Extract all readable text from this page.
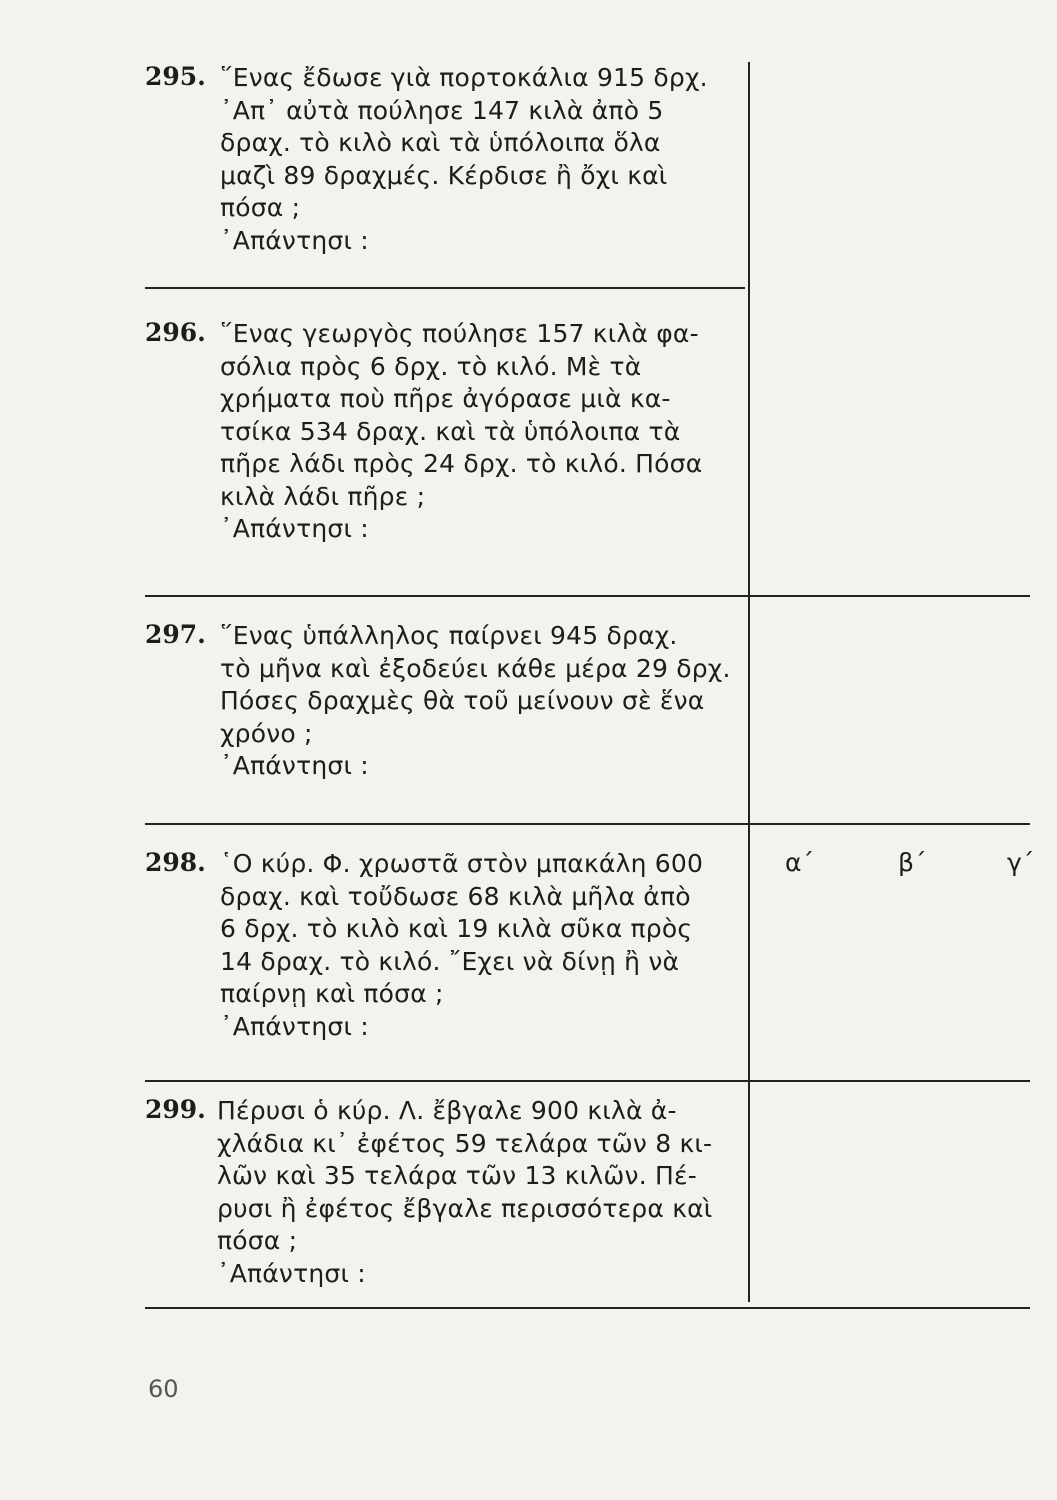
295. ῞Ενας ἔδωσε γιὰ πορτοκάλια 915 δρχ.
᾿Απ᾿ αὐτὰ πούλησε 147 κιλὰ ἀπὸ 5
δραχ. τὸ κιλὸ καὶ τὰ ὑπόλοιπα ὅλα
μαζὶ 89 δραχμές. Κέρδισε ἢ ὄχι καὶ
πόσα ;
᾿Απάντησι :
296. ῞Ενας γεωργὸς πούλησε 157 κιλὰ φα-
σόλια πρὸς 6 δρχ. τὸ κιλό. Μὲ τὰ
χρήματα ποὺ πῆρε ἀγόρασε μιὰ κα-
τσίκα 534 δραχ. καὶ τὰ ὑπόλοιπα τὰ
πῆρε λάδι πρὸς 24 δρχ. τὸ κιλό. Πόσα
κιλὰ λάδι πῆρε ;
᾿Απάντησι :
297. ῞Ενας ὑπάλληλος παίρνει 945 δραχ.
τὸ μῆνα καὶ ἐξοδεύει κάθε μέρα 29 δρχ.
Πόσες δραχμὲς θὰ τοῦ μείνουν σὲ ἕνα
χρόνο ;
᾿Απάντησι :
298. ῾Ο κύρ. Φ. χρωστᾶ στὸν μπακάλη 600
δραχ. καὶ τοὔδωσε 68 κιλὰ μῆλα ἀπὸ
6 δρχ. τὸ κιλὸ καὶ 19 κιλὰ σῦκα πρὸς
14 δραχ. τὸ κιλό. ῎Εχει νὰ δίνῃ ἢ νὰ
παίρνῃ καὶ πόσα ;
᾿Απάντησι :
α΄	β΄	γ΄
299. Πέρυσι ὁ κύρ. Λ. ἔβγαλε 900 κιλὰ ἀ-
χλάδια κι᾿ ἐφέτος 59 τελάρα τῶν 8 κι-
λῶν καὶ 35 τελάρα τῶν 13 κιλῶν. Πέ-
ρυσι ἢ ἐφέτος ἔβγαλε περισσότερα καὶ
πόσα ;
᾿Απάντησι :
60
